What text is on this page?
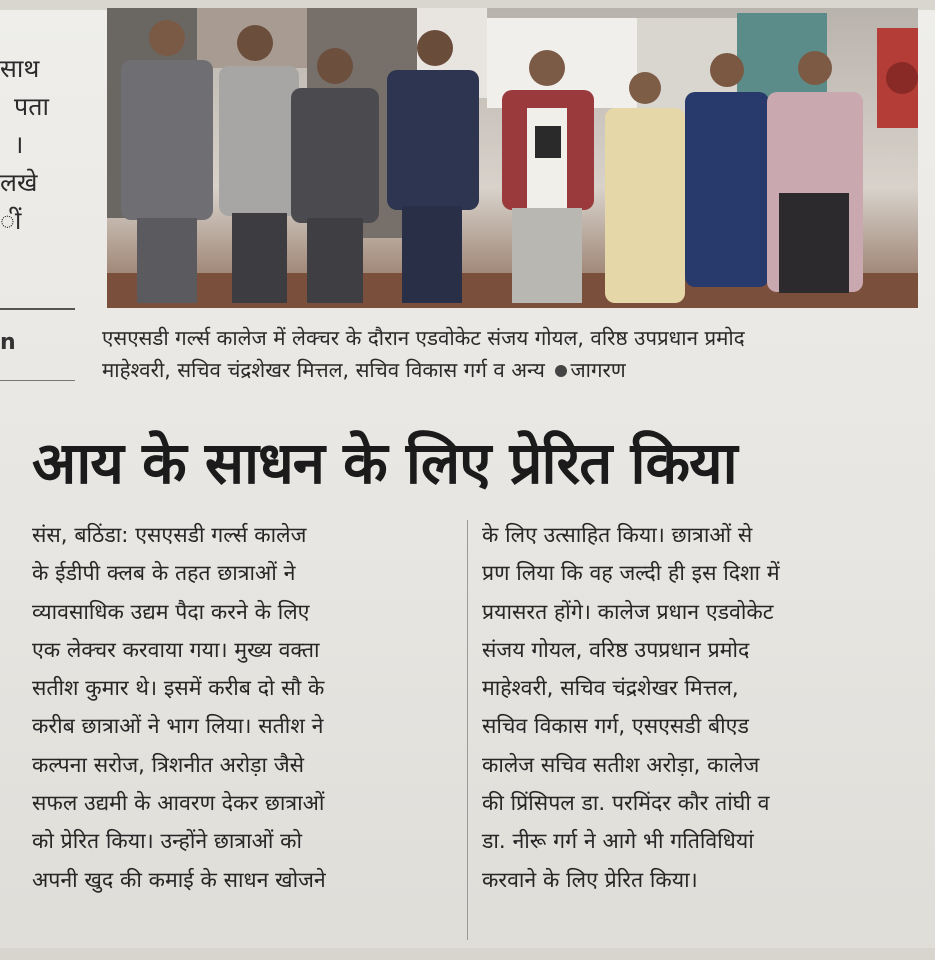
साथ
पता
।
लखे
ीं
n	एसएसडी गर्ल्स कालेज में लेक्चर के दौरान एडवोकेट संजय गोयल, वरिष्ठ उपप्रधान प्रमोद
माहेश्वरी, सचिव चंद्रशेखर मित्तल, सचिव विकास गर्ग व अन्य जागरण
आय के साधन के लिए प्रेरित किया
संस, बठिंडा: एसएसडी गर्ल्स कालेज
के ईडीपी क्लब के तहत छात्राओं ने
व्यावसाधिक उद्यम पैदा करने के लिए
एक लेक्चर करवाया गया। मुख्य वक्ता
सतीश कुमार थे। इसमें करीब दो सौ के
करीब छात्राओं ने भाग लिया। सतीश ने
कल्पना सरोज, त्रिशनीत अरोड़ा जैसे
सफल उद्यमी के आवरण देकर छात्राओं
को प्रेरित किया। उन्होंने छात्राओं को
अपनी खुद की कमाई के साधन खोजने
के लिए उत्साहित किया। छात्राओं से
प्रण लिया कि वह जल्दी ही इस दिशा में
प्रयासरत होंगे। कालेज प्रधान एडवोकेट
संजय गोयल, वरिष्ठ उपप्रधान प्रमोद
माहेश्वरी, सचिव चंद्रशेखर मित्तल,
सचिव विकास गर्ग, एसएसडी बीएड
कालेज सचिव सतीश अरोड़ा, कालेज
की प्रिंसिपल डा. परमिंदर कौर तांघी व
डा. नीरू गर्ग ने आगे भी गतिविधियां
करवाने के लिए प्रेरित किया।
